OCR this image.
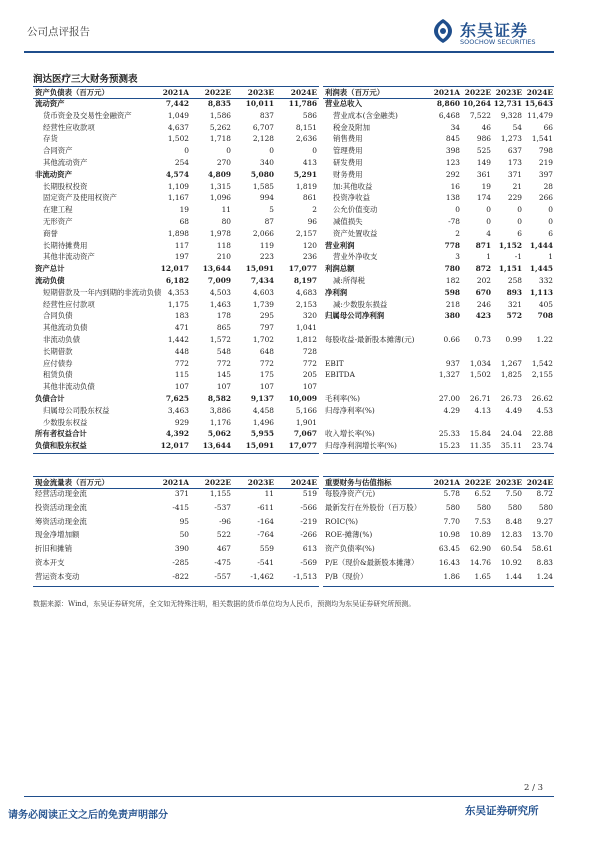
公司点评报告	东吴证券
SOOCHOW SECURITIES
润达医疗三大财务预测表
资产负债表（百万元）	2021A	2022E	2023E	2024E
流动资产	7,442	8,835	10,011	11,786
货币资金及交易性金融资产	1,049	1,586	837	586
经营性应收款项	4,637	5,262	6,707	8,151
存货	1,502	1,718	2,128	2,636
合同资产	0	0	0	0
其他流动资产	254	270	340	413
非流动资产	4,574	4,809	5,080	5,291
长期股权投资	1,109	1,315	1,585	1,819
固定资产及使用权资产	1,167	1,096	994	861
在建工程	19	11	5	2
无形资产	68	80	87	96
商誉	1,898	1,978	2,066	2,157
长期待摊费用	117	118	119	120
其他非流动资产	197	210	223	236
资产总计	12,017	13,644	15,091	17,077
流动负债	6,182	7,009	7,434	8,197
短期借款及一年内到期的非流动负债 4,353	4,503	4,603	4,683
经营性应付款项	1,175	1,463	1,739	2,153
合同负债	183	178	295	320
其他流动负债	471	865	797	1,041
非流动负债	1,442	1,572	1,702	1,812
长期借款	448	548	648	728
应付债券	772	772	772	772
租赁负债	115	145	175	205
其他非流动负债	107	107	107	107
负债合计	7,625	8,582	9,137	10,009
归属母公司股东权益	3,463	3,886	4,458	5,166
少数股东权益	929	1,176	1,496	1,901
所有者权益合计	4,392	5,062	5,955	7,067
负债和股东权益	12,017	13,644	15,091	17,077
利润表（百万元）	2021A 2022E 2023E 2024E
营业总收入	8,860 10,264 12,731 15,643
营业成本(含金融类)	6,468	7,522	9,328 11,479
税金及附加	34	46	54	66
销售费用	845	986	1,273	1,541
管理费用	398	525	637	798
研发费用	123	149	173	219
财务费用	292	361	371	397
加:其他收益	16	19	21	28
投资净收益	138	174	229	266
公允价值变动	0	0	0	0
减值损失	-78	0	0	0
资产处置收益	2	4	6	6
营业利润	778	871	1,152	1,444
营业外净收支	3	1	-1	1
利润总额	780	872	1,151	1,445
减:所得税	182	202	258	332
净利润	598	670	893	1,113
减:少数股东损益	218	246	321	405
归属母公司净利润	380	423	572	708
每股收益-最新股本摊薄(元)	0.66	0.73	0.99	1.22
EBIT	937	1,034	1,267	1,542
EBITDA	1,327	1,502	1,825	2,155
毛利率(%)	27.00	26.71	26.73	26.62
归母净利率(%)	4.29	4.13	4.49	4.53
收入增长率(%)	25.33	15.84	24.04	22.88
归母净利润增长率(%)	15.23	11.35	35.11	23.74
现金流量表（百万元）	2021A	2022E	2023E	2024E
经营活动现金流	371	1,155	11	519
投资活动现金流	-415	-537	-611	-566
筹资活动现金流	95	-96	-164	-219
现金净增加额	50	522	-764	-266
折旧和摊销	390	467	559	613
资本开支	-285	-475	-541	-569
营运资本变动	-822	-557	-1,462	-1,513
重要财务与估值指标	2021A 2022E 2023E 2024E
每股净资产(元)	5.78	6.52	7.50	8.72
最新发行在外股份（百万股）	580	580	580	580
ROIC(%)	7.70	7.53	8.48	9.27
ROE-摊薄(%)	10.98	10.89	12.83	13.70
资产负债率(%)	63.45	62.90	60.54	58.61
P/E（现价&最新股本摊薄）	16.43	14.76	10.92	8.83
P/B（现价）	1.86	1.65	1.44	1.24
数据来源：Wind，东吴证券研究所，全文如无特殊注明，相关数据的货币单位均为人民币，预测均为东吴证券研究所预测。
2 / 3
请务必阅读正文之后的免责声明部分	东吴证券研究所
